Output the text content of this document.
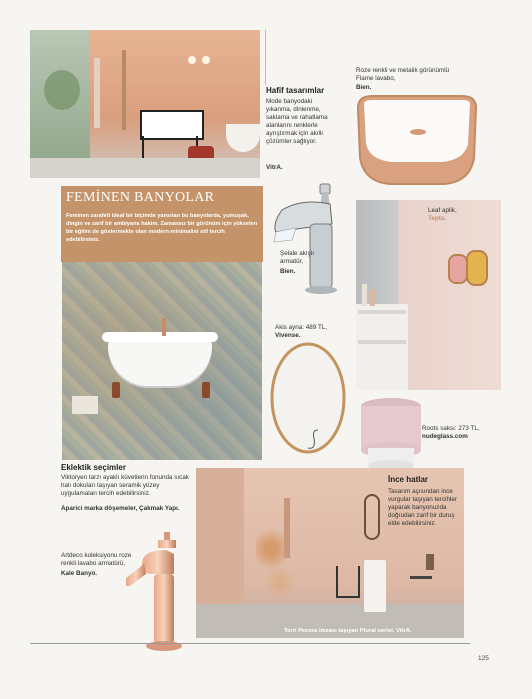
Hafif tasarımlar
Mode banyodaki yıkanma, dinlenme, saklama ve rahatlama alanlarını renklerle ayrıştırmak için akıllı çözümler sağlıyor.
VitrA.
Roze renkli ve metalik görünümlü Flame lavabo,
Bien.
FEMİNEN BANYOLAR
Feminen zarafeti ideal bir biçimde yansıtan bu banyolarda, yumuşak, dingin ve zarif bir ambiyans hakim. Zamansız bir görünüm için yükselen bir eğilim de göstermekte olan modern-minimalist stil tercih edebilirsiniz.
Şelale akışlı armatür,
Bien.
Leaf aplik,
Tepta.
Akis ayna: 489 TL,
Vivense.
Roots saksı: 273 TL,
nudeglass.com
Eklektik seçimler
Viktoryen tarzı ayaklı küvetlerin fonunda sıcak halı dokuları taşıyan seramik yüzey uygulamaları tercih edebilirsiniz.
Aparici marka döşemeler, Çakmak Yapı.
İnce hatlar
Tasarım açısından ince vurgular taşıyan tercihler yaparak banyonuzda doğrudan zarif bir duruş elde edebilirsiniz.
Artdeco koleksiyonu roze renkli lavabo armatürü,
Kale Banyo.
Terri Pecora imzası taşıyan Plural serisi, VitrA.
125
